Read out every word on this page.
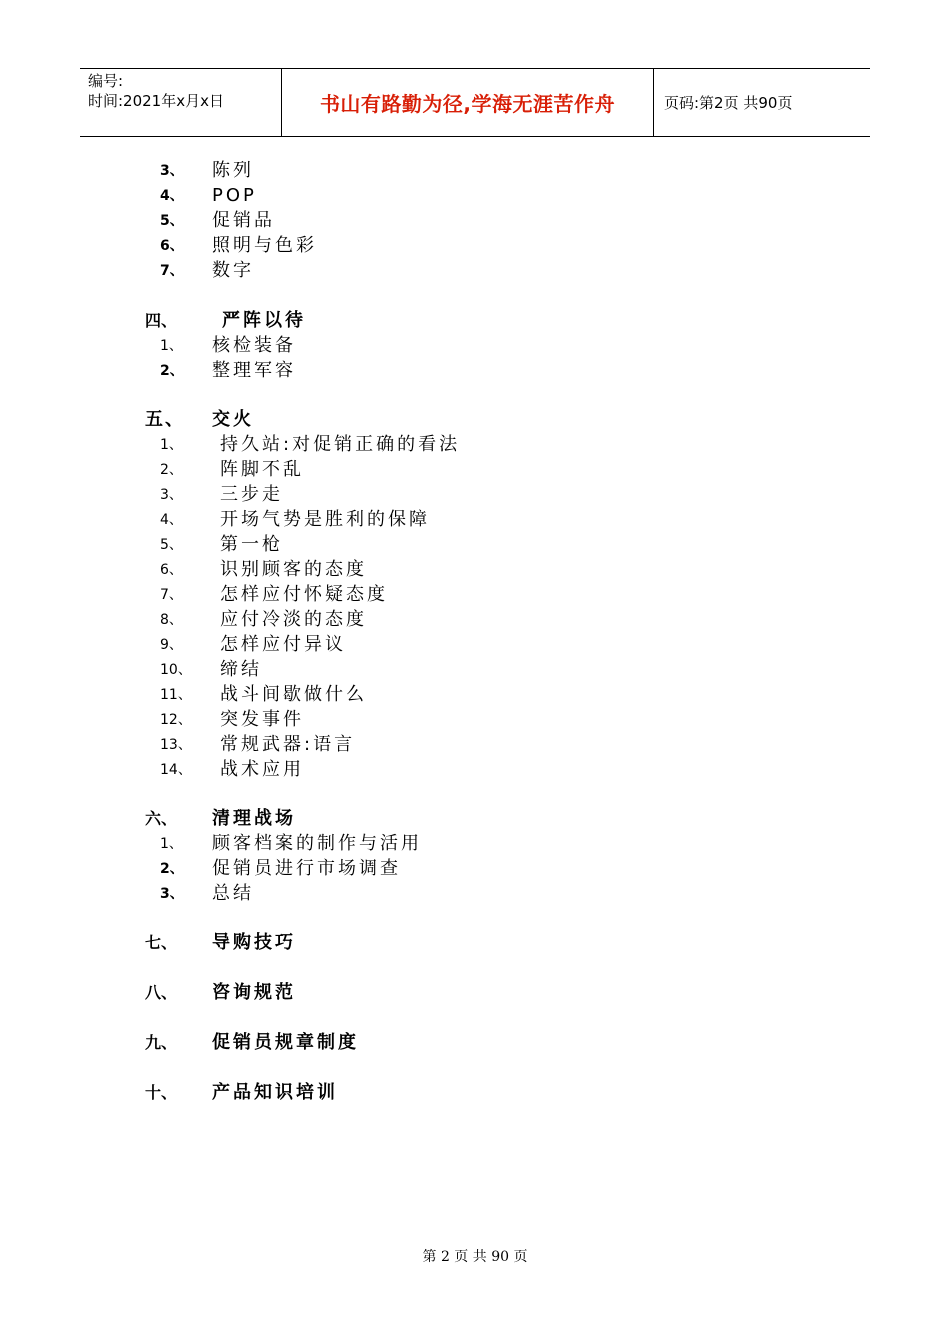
编号:
时间:2021年x月x日	书山有路勤为径,学海无涯苦作舟	页码:第2页 共90页
3、 陈列
4、 POP
5、 促销品
6、 照明与色彩
7、 数字
四、 严阵以待
1、 核检装备
2、 整理军容
五、 交火
1、 持久站:对促销正确的看法
2、 阵脚不乱
3、 三步走
4、 开场气势是胜利的保障
5、 第一枪
6、 识别顾客的态度
7、 怎样应付怀疑态度
8、 应付冷淡的态度
9、 怎样应付异议
10、 缔结
11、 战斗间歇做什么
12、 突发事件
13、 常规武器:语言
14、 战术应用
六、 清理战场
1、 顾客档案的制作与活用
2、 促销员进行市场调查
3、 总结
七、 导购技巧
八、 咨询规范
九、 促销员规章制度
十、 产品知识培训
第 2 页 共 90 页
